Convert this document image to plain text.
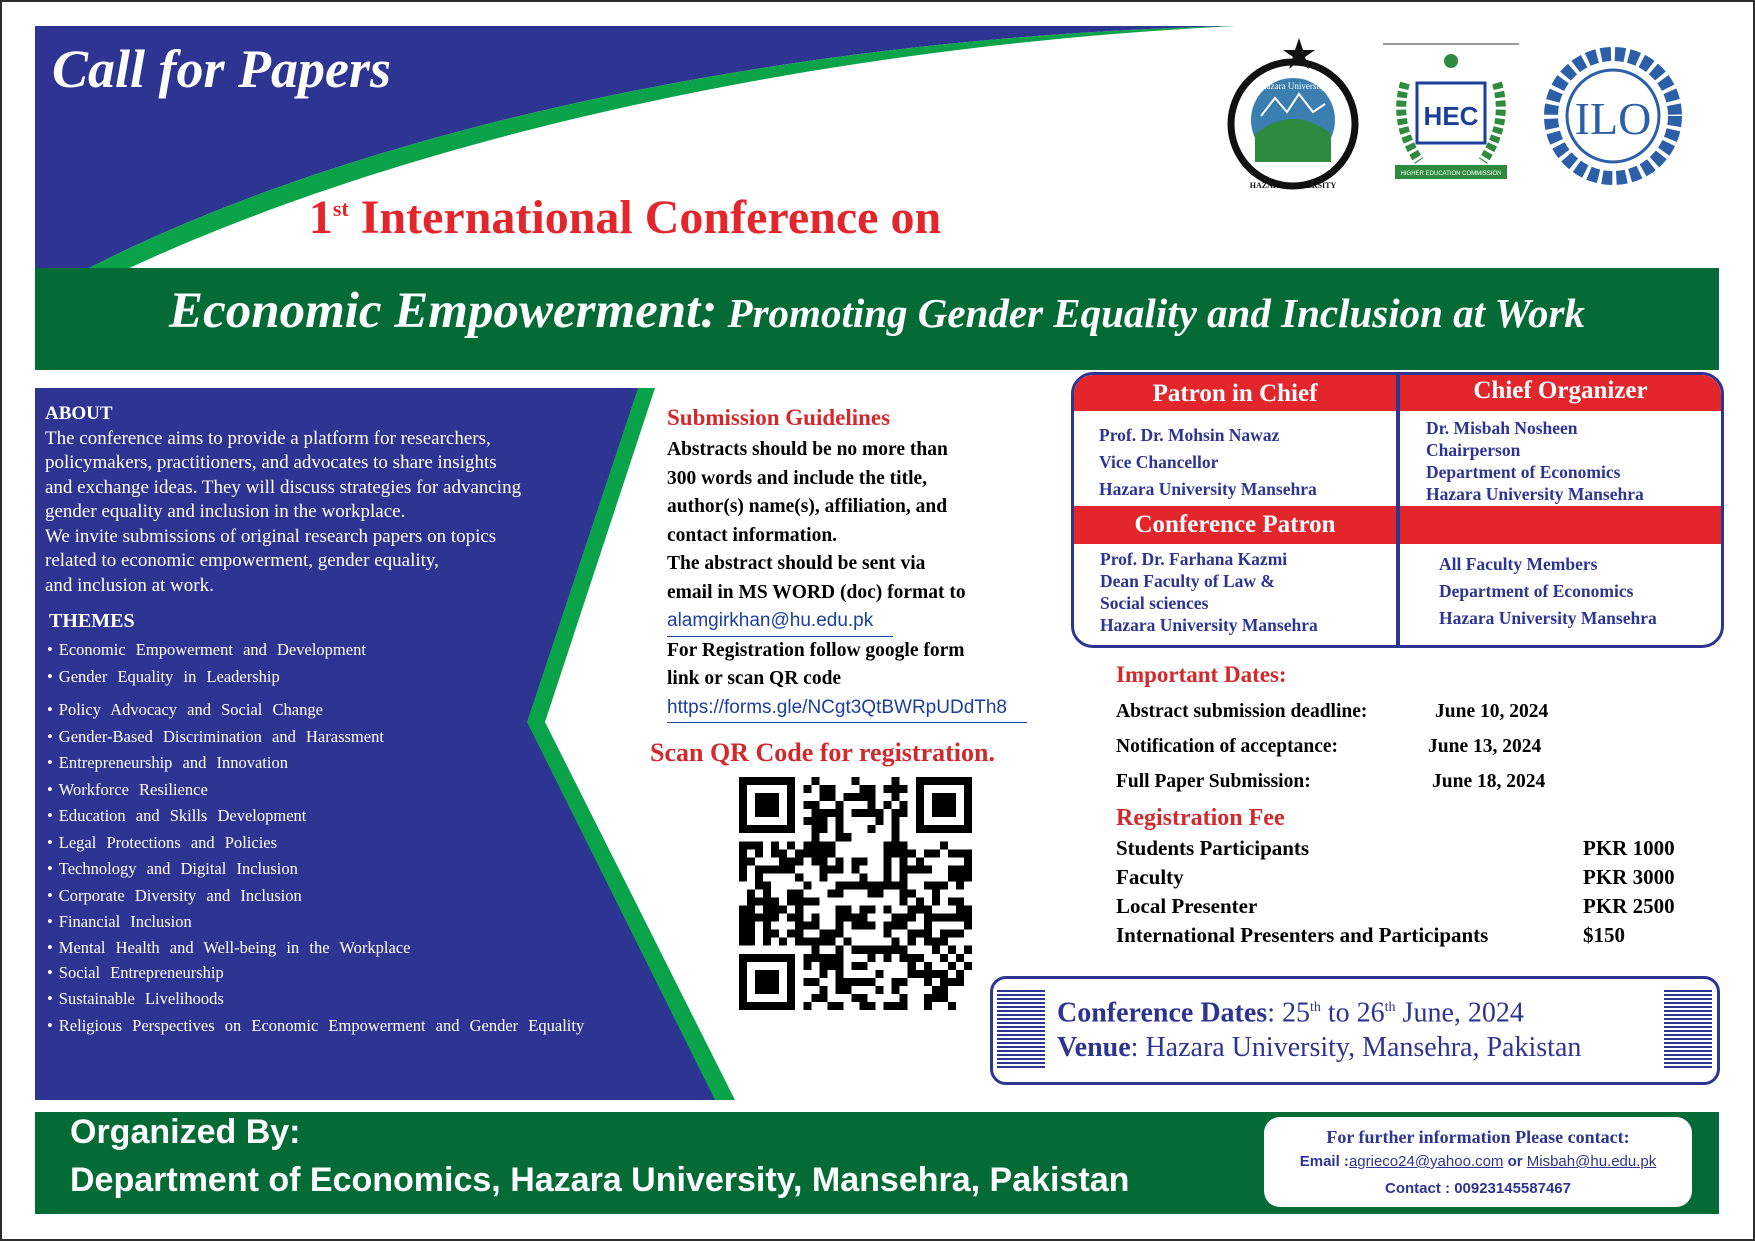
Call for Papers	Hazara University
HAZARA UNIVERSITY
HEC
HIGHER EDUCATION COMMISSION
ILO
1st International Conference on
Economic Empowerment: Promoting Gender Equality and Inclusion at Work
ABOUT
The conference aims to provide a platform for researchers,
policymakers, practitioners, and advocates to share insights
and exchange ideas. They will discuss strategies for advancing
gender equality and inclusion in the workplace.
We invite submissions of original research papers on topics
related to economic empowerment, gender equality,
and inclusion at work.
THEMES
• Economic Empowerment and Development
• Gender Equality in Leadership
• Policy Advocacy and Social Change
• Gender-Based Discrimination and Harassment
• Entrepreneurship and Innovation
• Workforce Resilience
• Education and Skills Development
• Legal Protections and Policies
• Technology and Digital Inclusion
• Corporate Diversity and Inclusion
• Financial Inclusion
• Mental Health and Well-being in the Workplace
• Social Entrepreneurship
• Sustainable Livelihoods
• Religious Perspectives on Economic Empowerment and Gender Equality
Submission Guidelines
Abstracts should be no more than
300 words and include the title,
author(s) name(s), affiliation, and
contact information.
The abstract should be sent via
email in MS WORD (doc) format to
alamgirkhan@hu.edu.pk
For Registration follow google form
link or scan QR code
https://forms.gle/NCgt3QtBWRpUDdTh8
Scan QR Code for registration.
Patron in Chief	Chief Organizer
Prof. Dr. Mohsin Nawaz
Vice Chancellor
Hazara University Mansehra
Dr. Misbah Nosheen
Chairperson
Department of Economics
Hazara University Mansehra
Conference Patron
Prof. Dr. Farhana Kazmi
Dean Faculty of Law &
Social sciences
Hazara University Mansehra
All Faculty Members
Department of Economics
Hazara University Mansehra
Important Dates:
Abstract submission deadline:	June 10, 2024
Notification of acceptance:	June 13, 2024
Full Paper Submission:	June 18, 2024
Registration Fee
Students Participants	PKR 1000
Faculty	PKR 3000
Local Presenter	PKR 2500
International Presenters and Participants	$150
Conference Dates: 25th to 26th June, 2024
Venue: Hazara University, Mansehra, Pakistan
Organized By:
Department of Economics, Hazara University, Mansehra, Pakistan
For further information Please contact:
Email :agrieco24@yahoo.com or Misbah@hu.edu.pk
Contact : 00923145587467
